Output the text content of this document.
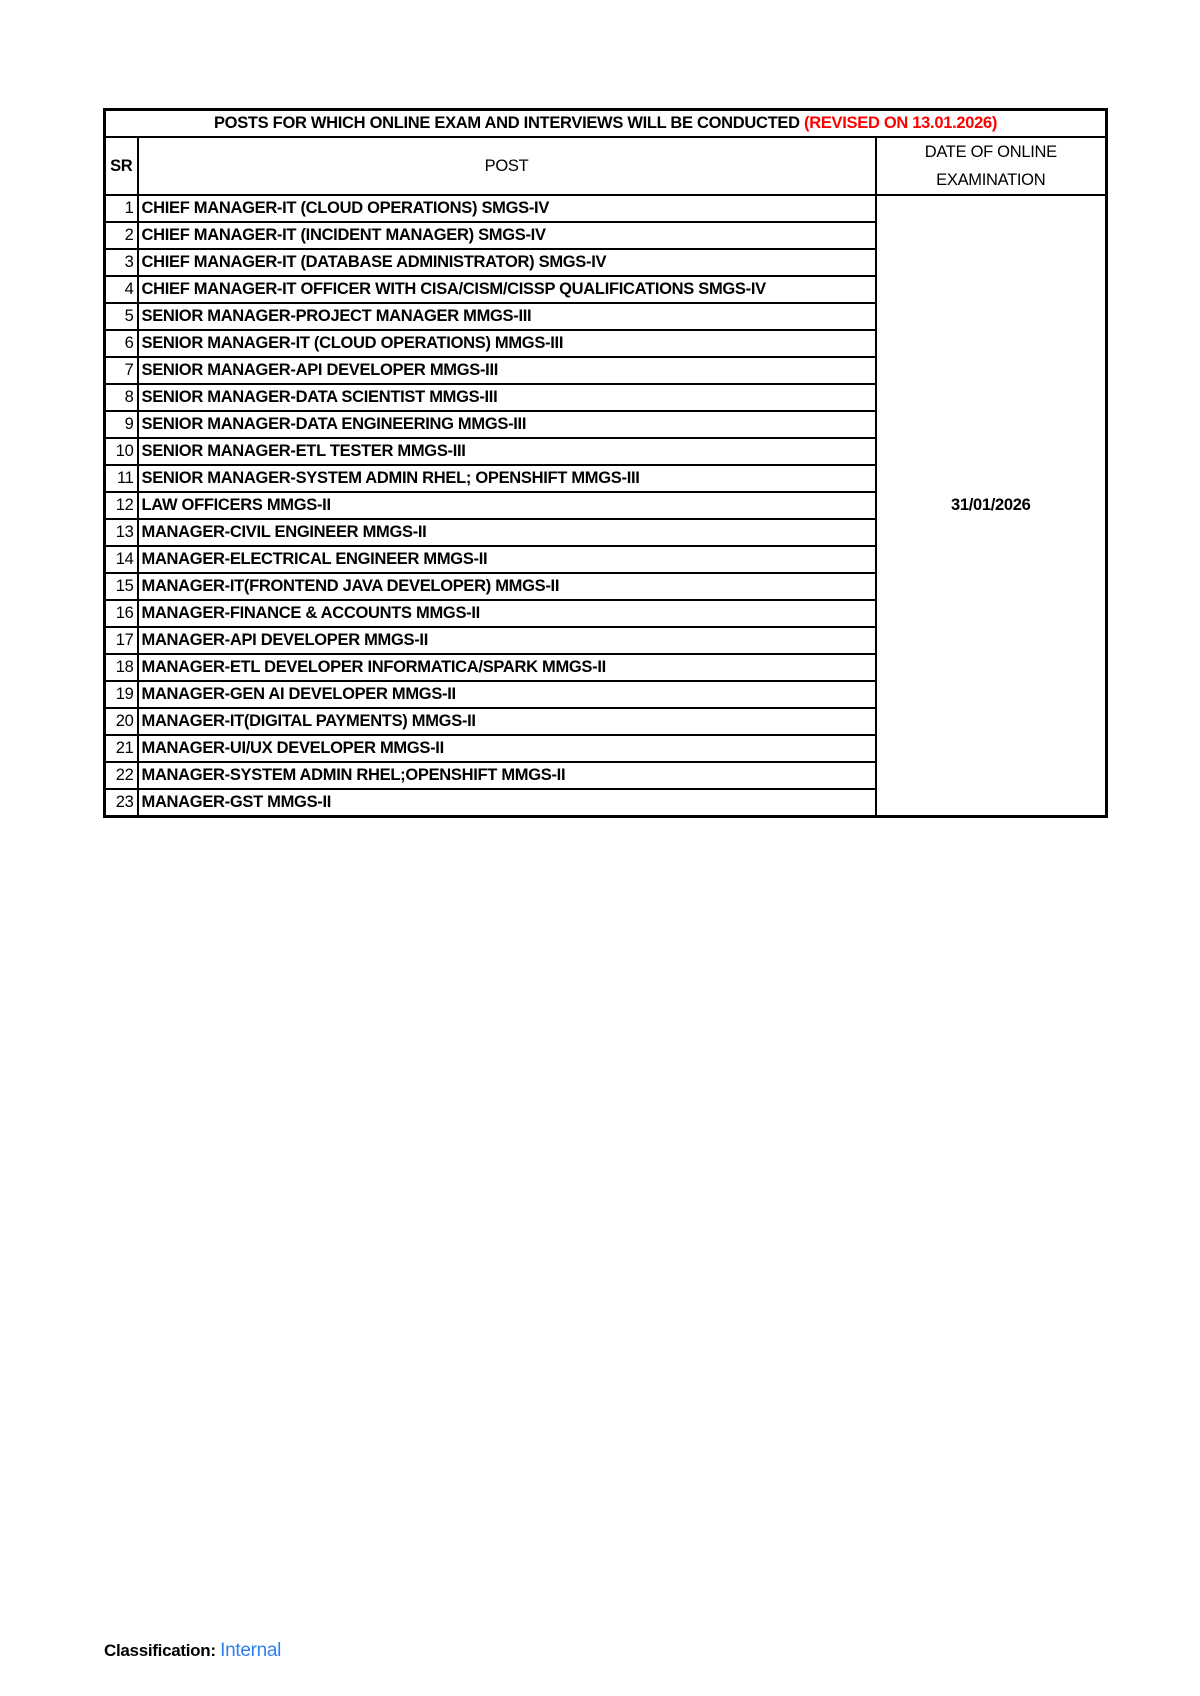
POSTS FOR WHICH ONLINE EXAM AND INTERVIEWS WILL BE CONDUCTED (REVISED ON 13.01.2026)		
SR	POST	DATE OF ONLINE EXAMINATION
1	CHIEF MANAGER-IT (CLOUD OPERATIONS) SMGS-IV	31/01/2026
2	CHIEF MANAGER-IT (INCIDENT MANAGER) SMGS-IV	
3	CHIEF MANAGER-IT (DATABASE ADMINISTRATOR) SMGS-IV	
4	CHIEF MANAGER-IT OFFICER WITH CISA/CISM/CISSP QUALIFICATIONS SMGS-IV	
5	SENIOR MANAGER-PROJECT MANAGER MMGS-III	
6	SENIOR MANAGER-IT (CLOUD OPERATIONS) MMGS-III	
7	SENIOR MANAGER-API DEVELOPER MMGS-III	
8	SENIOR MANAGER-DATA SCIENTIST MMGS-III	
9	SENIOR MANAGER-DATA ENGINEERING MMGS-III	
10	SENIOR MANAGER-ETL TESTER MMGS-III	
11	SENIOR MANAGER-SYSTEM ADMIN RHEL; OPENSHIFT MMGS-III	
12	LAW OFFICERS MMGS-II	
13	MANAGER-CIVIL ENGINEER MMGS-II	
14	MANAGER-ELECTRICAL ENGINEER MMGS-II	
15	MANAGER-IT(FRONTEND JAVA DEVELOPER) MMGS-II	
16	MANAGER-FINANCE & ACCOUNTS MMGS-II	
17	MANAGER-API DEVELOPER MMGS-II	
18	MANAGER-ETL DEVELOPER INFORMATICA/SPARK MMGS-II	
19	MANAGER-GEN AI DEVELOPER MMGS-II	
20	MANAGER-IT(DIGITAL PAYMENTS) MMGS-II	
21	MANAGER-UI/UX DEVELOPER MMGS-II	
22	MANAGER-SYSTEM ADMIN RHEL;OPENSHIFT MMGS-II	
23	MANAGER-GST MMGS-II	
Classification: Internal
